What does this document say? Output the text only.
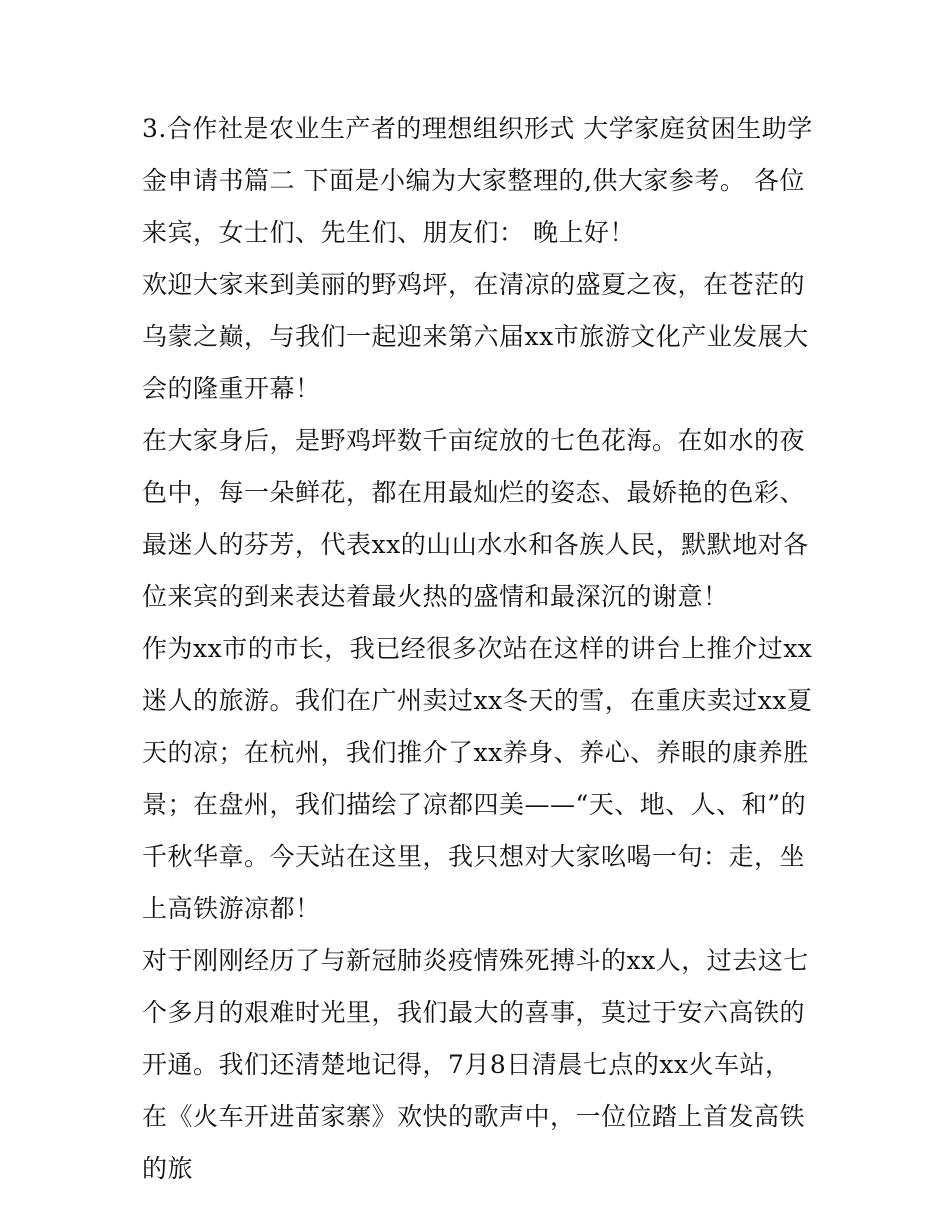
3.合作社是农业生产者的理想组织形式 大学家庭贫困生助学金申请书篇二 下面是小编为大家整理的,供大家参考。 各位来宾，女士们、先生们、朋友们： 晚上好！

欢迎大家来到美丽的野鸡坪，在清凉的盛夏之夜，在苍茫的乌蒙之巅，与我们一起迎来第六届xx市旅游文化产业发展大会的隆重开幕！

在大家身后，是野鸡坪数千亩绽放的七色花海。在如水的夜色中，每一朵鲜花，都在用最灿烂的姿态、最娇艳的色彩、最迷人的芬芳，代表xx的山山水水和各族人民，默默地对各位来宾的到来表达着最火热的盛情和最深沉的谢意！

作为xx市的市长，我已经很多次站在这样的讲台上推介过xx迷人的旅游。我们在广州卖过xx冬天的雪，在重庆卖过xx夏天的凉；在杭州，我们推介了xx养身、养心、养眼的康养胜景；在盘州，我们描绘了凉都四美——“天、地、人、和”的千秋华章。今天站在这里，我只想对大家吆喝一句：走，坐上高铁游凉都！

对于刚刚经历了与新冠肺炎疫情殊死搏斗的xx人，过去这七个多月的艰难时光里，我们最大的喜事，莫过于安六高铁的开通。我们还清楚地记得，7月8日清晨七点的xx火车站，在《火车开进苗家寨》欢快的歌声中，一位位踏上首发高铁的旅
